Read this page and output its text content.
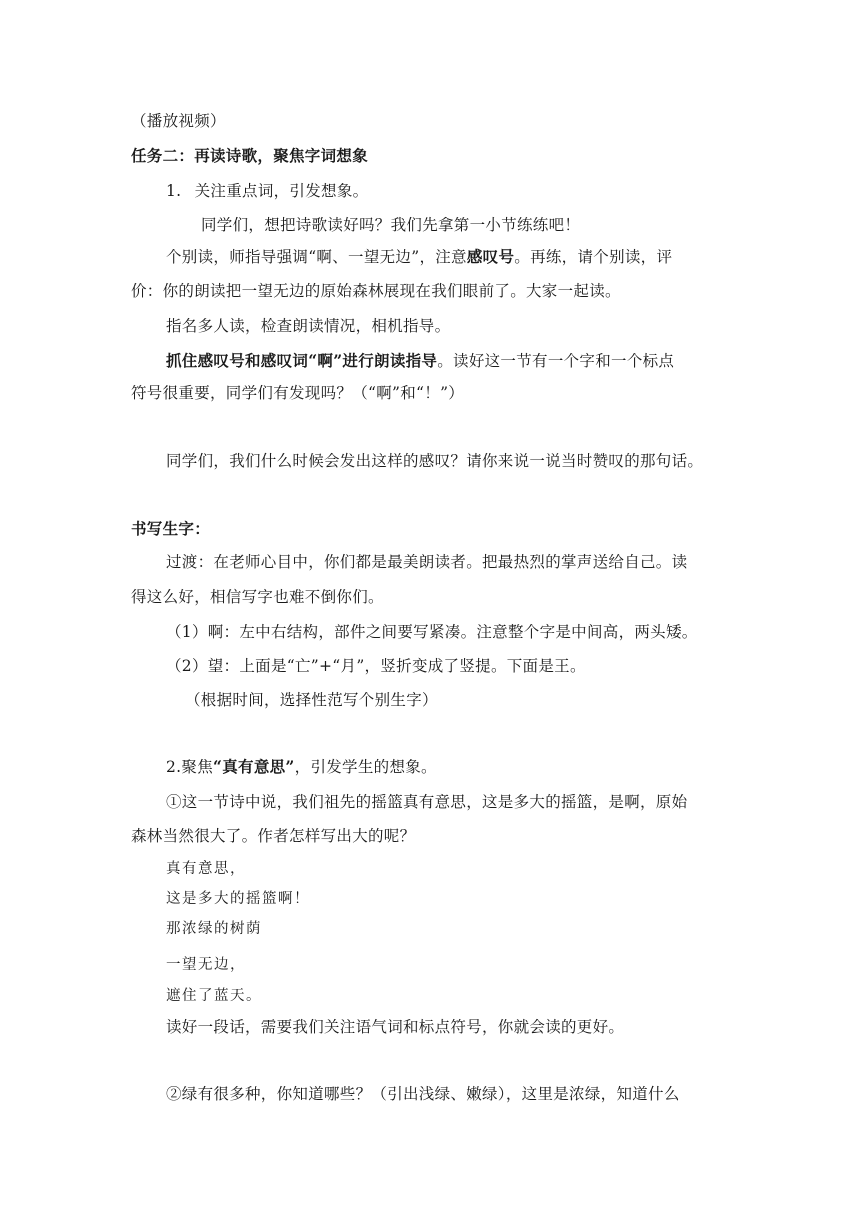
（播放视频）
任务二：再读诗歌，聚焦字词想象
1. 关注重点词，引发想象。
同学们，想把诗歌读好吗？我们先拿第一小节练练吧！
个别读，师指导强调“啊、一望无边”，注意感叹号。再练，请个别读，评
价：你的朗读把一望无边的原始森林展现在我们眼前了。大家一起读。
指名多人读，检查朗读情况，相机指导。
抓住感叹号和感叹词“啊”进行朗读指导。读好这一节有一个字和一个标点
符号很重要，同学们有发现吗？（“啊”和“！”）
同学们，我们什么时候会发出这样的感叹？请你来说一说当时赞叹的那句话。
书写生字：
过渡：在老师心目中，你们都是最美朗读者。把最热烈的掌声送给自己。读
得这么好，相信写字也难不倒你们。
（1）啊：左中右结构，部件之间要写紧凑。注意整个字是中间高，两头矮。
（2）望：上面是“亡”+“月”，竖折变成了竖提。下面是王。
（根据时间，选择性范写个别生字）
2.聚焦“真有意思”，引发学生的想象。
①这一节诗中说，我们祖先的摇篮真有意思，这是多大的摇篮，是啊，原始
森林当然很大了。作者怎样写出大的呢？
真有意思，
这是多大的摇篮啊！
那浓绿的树荫
一望无边，
遮住了蓝天。
读好一段话，需要我们关注语气词和标点符号，你就会读的更好。
②绿有很多种，你知道哪些？（引出浅绿、嫩绿），这里是浓绿，知道什么
